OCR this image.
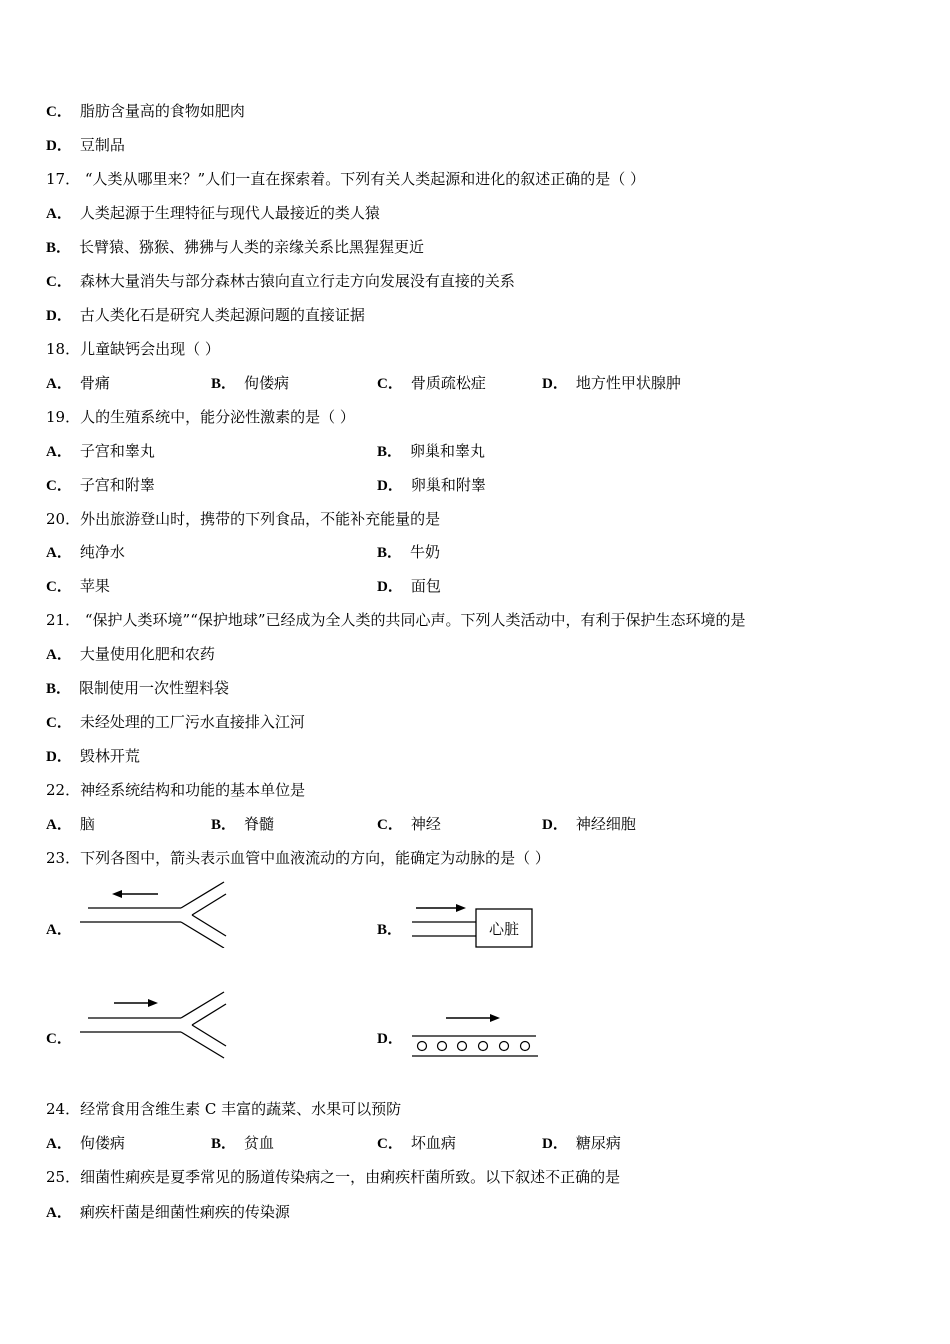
C． 脂肪含量高的食物如肥肉
D． 豆制品
17． “人类从哪里来？”人们一直在探索着。下列有关人类起源和进化的叙述正确的是（ ）
A． 人类起源于生理特征与现代人最接近的类人猿
B． 长臂猿、猕猴、狒狒与人类的亲缘关系比黑猩猩更近
C． 森林大量消失与部分森林古猿向直立行走方向发展没有直接的关系
D． 古人类化石是研究人类起源问题的直接证据
18．儿童缺钙会出现（ ）
A． 骨痛	B． 佝偻病	C． 骨质疏松症	D． 地方性甲状腺肿
19．人的生殖系统中，能分泌性激素的是（ ）
A． 子宫和睾丸	B． 卵巢和睾丸
C． 子宫和附睾	D． 卵巢和附睾
20．外出旅游登山时，携带的下列食品，不能补充能量的是
A． 纯净水	B． 牛奶
C． 苹果	D． 面包
21． “保护人类环境”“保护地球”已经成为全人类的共同心声。下列人类活动中，有利于保护生态环境的是
A． 大量使用化肥和农药
B． 限制使用一次性塑料袋
C． 未经处理的工厂污水直接排入江河
D． 毁林开荒
22．神经系统结构和功能的基本单位是
A． 脑	B． 脊髓	C． 神经	D． 神经细胞
23．下列各图中，箭头表示血管中血液流动的方向，能确定为动脉的是（ ）
A．	B．	心脏
C．	D．
24．经常食用含维生素 C 丰富的蔬菜、水果可以预防
A． 佝偻病	B． 贫血	C． 坏血病	D． 糖尿病
25．细菌性痢疾是夏季常见的肠道传染病之一，由痢疾杆菌所致。以下叙述不正确的是
A． 痢疾杆菌是细菌性痢疾的传染源
